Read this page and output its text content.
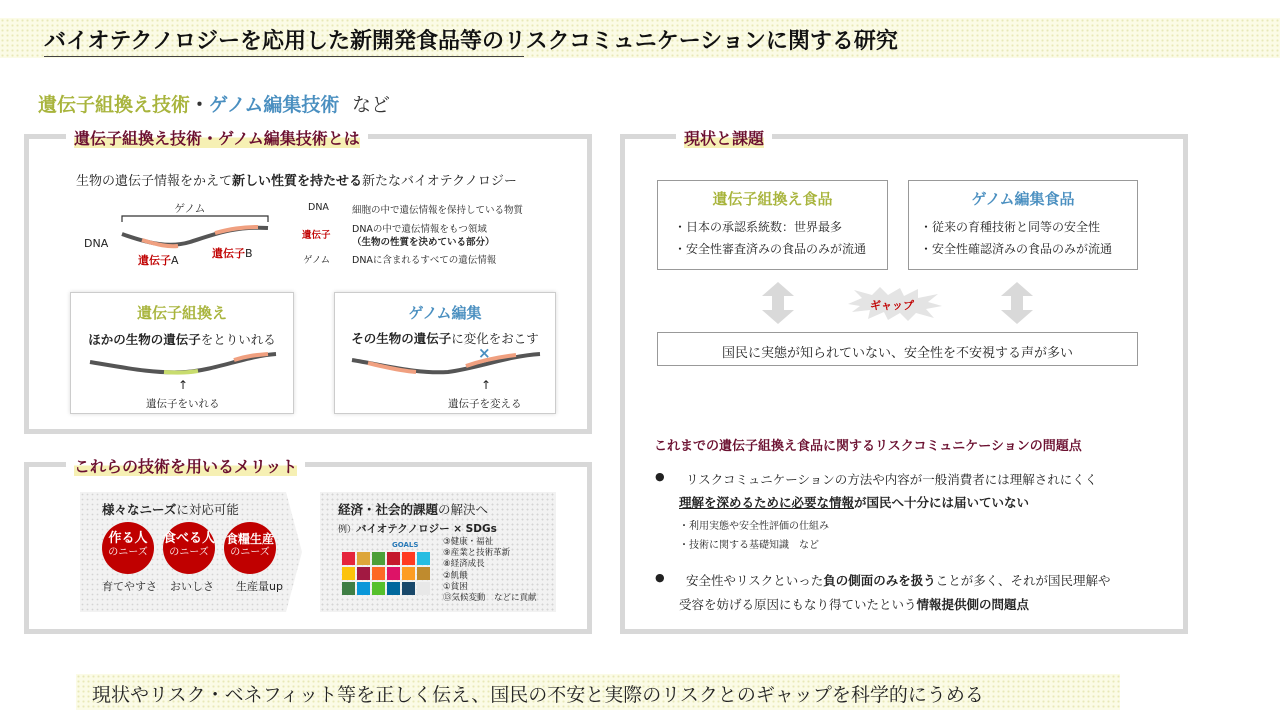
バイオテクノロジーを応用した新開発食品等のリスクコミュニケーションに関する研究
遺伝子組換え技術・ゲノム編集技術 など
遺伝子組換え技術・ゲノム編集技術とは
生物の遺伝子情報をかえて新しい性質を持たせる新たなバイオテクノロジー
ゲノム
DNA
遺伝子A
遺伝子B
DNA 細胞の中で遺伝情報を保持している物質
遺伝子
DNAの中で遺伝情報をもつ領域
（生物の性質を決めている部分）
ゲノム DNAに含まれるすべての遺伝情報
遺伝子組換え
ほかの生物の遺伝子をとりいれる
↑
遺伝子をいれる
ゲノム編集
その生物の遺伝子に変化をおこす
×
↑
遺伝子を変える
これらの技術を用いるメリット
様々なニーズに対応可能
作る人
のニーズ
食べる人
のニーズ
食糧生産
のニーズ
育てやすさ おいしさ 生産量up
経済・社会的課題の解決へ
例）バイオテクノロジー × SDGs
GOALS	③健康・福祉
⑨産業と技術革新
⑧経済成長
②飢餓
①貧困
⑬気候変動　などに貢献
現状と課題
遺伝子組換え食品
・日本の承認系統数：世界最多
・安全性審査済みの食品のみが流通
ゲノム編集食品
・従来の育種技術と同等の安全性
・安全性確認済みの食品のみが流通
ギャップ
国民に実態が知られていない、安全性を不安視する声が多い
これまでの遺伝子組換え食品に関するリスクコミュニケーションの問題点
● リスクコミュニケーションの方法や内容が一般消費者には理解されにくく
理解を深めるために必要な情報が国民へ十分には届いていない
・利用実態や安全性評価の仕組み
・技術に関する基礎知識　など
● 安全性やリスクといった負の側面のみを扱うことが多く、それが国民理解や
受容を妨げる原因にもなり得ていたという情報提供側の問題点
現状やリスク・ベネフィット等を正しく伝え、国民の不安と実際のリスクとのギャップを科学的にうめる
